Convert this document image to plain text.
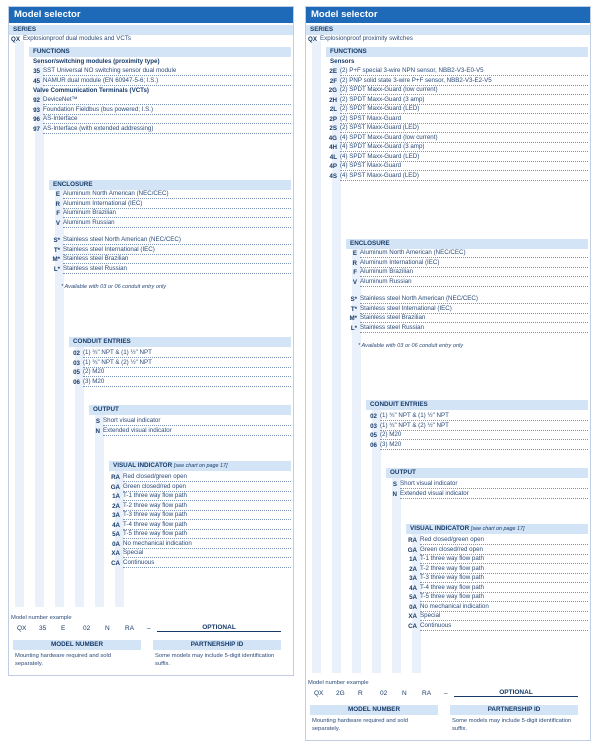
Model selector
SERIES
QX Explosionproof dual modules and VCTs
FUNCTIONS
Sensor/switching modules (proximity type)
35 SST Universal NO switching sensor dual module
45 NAMUR dual module (EN 60947-5-6; I.S.)
Valve Communication Terminals (VCTs)
92 DeviceNet™
93 Foundation Fieldbus (bus powered; I.S.)
96 AS-Interface
97 AS-Interface (with extended addressing)
ENCLOSURE
E Aluminum North American (NEC/CEC)
R Aluminum International (IEC)
F Aluminum Brazilian
V Aluminum Russian
S* Stainless steel North American (NEC/CEC)
T* Stainless steel International (IEC)
M* Stainless steel Brazilian
L* Stainless steel Russian
* Available with 03 or 06 conduit entry only
CONDUIT ENTRIES
02 (1) ¾" NPT & (1) ½" NPT
03 (1) ¾" NPT & (2) ½" NPT
05 (2) M20
06 (3) M20
OUTPUT
S Short visual indicator
N Extended visual indicator
VISUAL INDICATOR [see chart on page 17]
RA Red closed/green open
GA Green closed/red open
1A T-1 three way flow path
2A T-2 three way flow path
3A T-3 three way flow path
4A T-4 three way flow path
5A T-5 three way flow path
0A No mechanical indication
XA Special
CA Continuous
Model number example
QX 35 E	02 N RA –	OPTIONAL
MODEL NUMBER
Mounting hardware required and sold separately.
PARTNERSHIP ID
Some models may include 5-digit identification suffix.
Model selector
SERIES
QX Explosionproof proximity switches
FUNCTIONS
Sensors
2E (2) P+F special 3-wire NPN sensor, NBB2-V3-E0-V5
2F (2) PNP solid state 3-wire P+F sensor, NBB2-V3-E2-V5
2G (2) SPDT Maxx-Guard (low current)
2H (2) SPDT Maxx-Guard (3 amp)
2L (2) SPDT Maxx-Guard (LED)
2P (2) SPST Maxx-Guard
2S (2) SPST Maxx-Guard (LED)
4G (4) SPDT Maxx-Guard (low current)
4H (4) SPDT Maxx-Guard (3 amp)
4L (4) SPDT Maxx-Guard (LED)
4P (4) SPST Maxx-Guard
4S (4) SPST Maxx-Guard (LED)
ENCLOSURE
E Aluminum North American (NEC/CEC)
R Aluminum International (IEC)
F Aluminum Brazilian
V Aluminum Russian
S* Stainless steel North American (NEC/CEC)
T* Stainless steel International (IEC)
M* Stainless steel Brazilian
L* Stainless steel Russian
* Available with 03 or 06 conduit entry only
CONDUIT ENTRIES
02 (1) ¾" NPT & (1) ½" NPT
03 (1) ¾" NPT & (2) ½" NPT
05 (2) M20
06 (3) M20
OUTPUT
S Short visual indicator
N Extended visual indicator
VISUAL INDICATOR [see chart on page 17]
RA Red closed/green open
GA Green closed/red open
1A T-1 three way flow path
2A T-2 three way flow path
3A T-3 three way flow path
4A T-4 three way flow path
5A T-5 three way flow path
0A No mechanical indication
XA Special
CA Continuous
Model number example
QX 2G R	02 N RA –	OPTIONAL
MODEL NUMBER
Mounting hardware required and sold separately.
PARTNERSHIP ID
Some models may include 5-digit identification suffix.
